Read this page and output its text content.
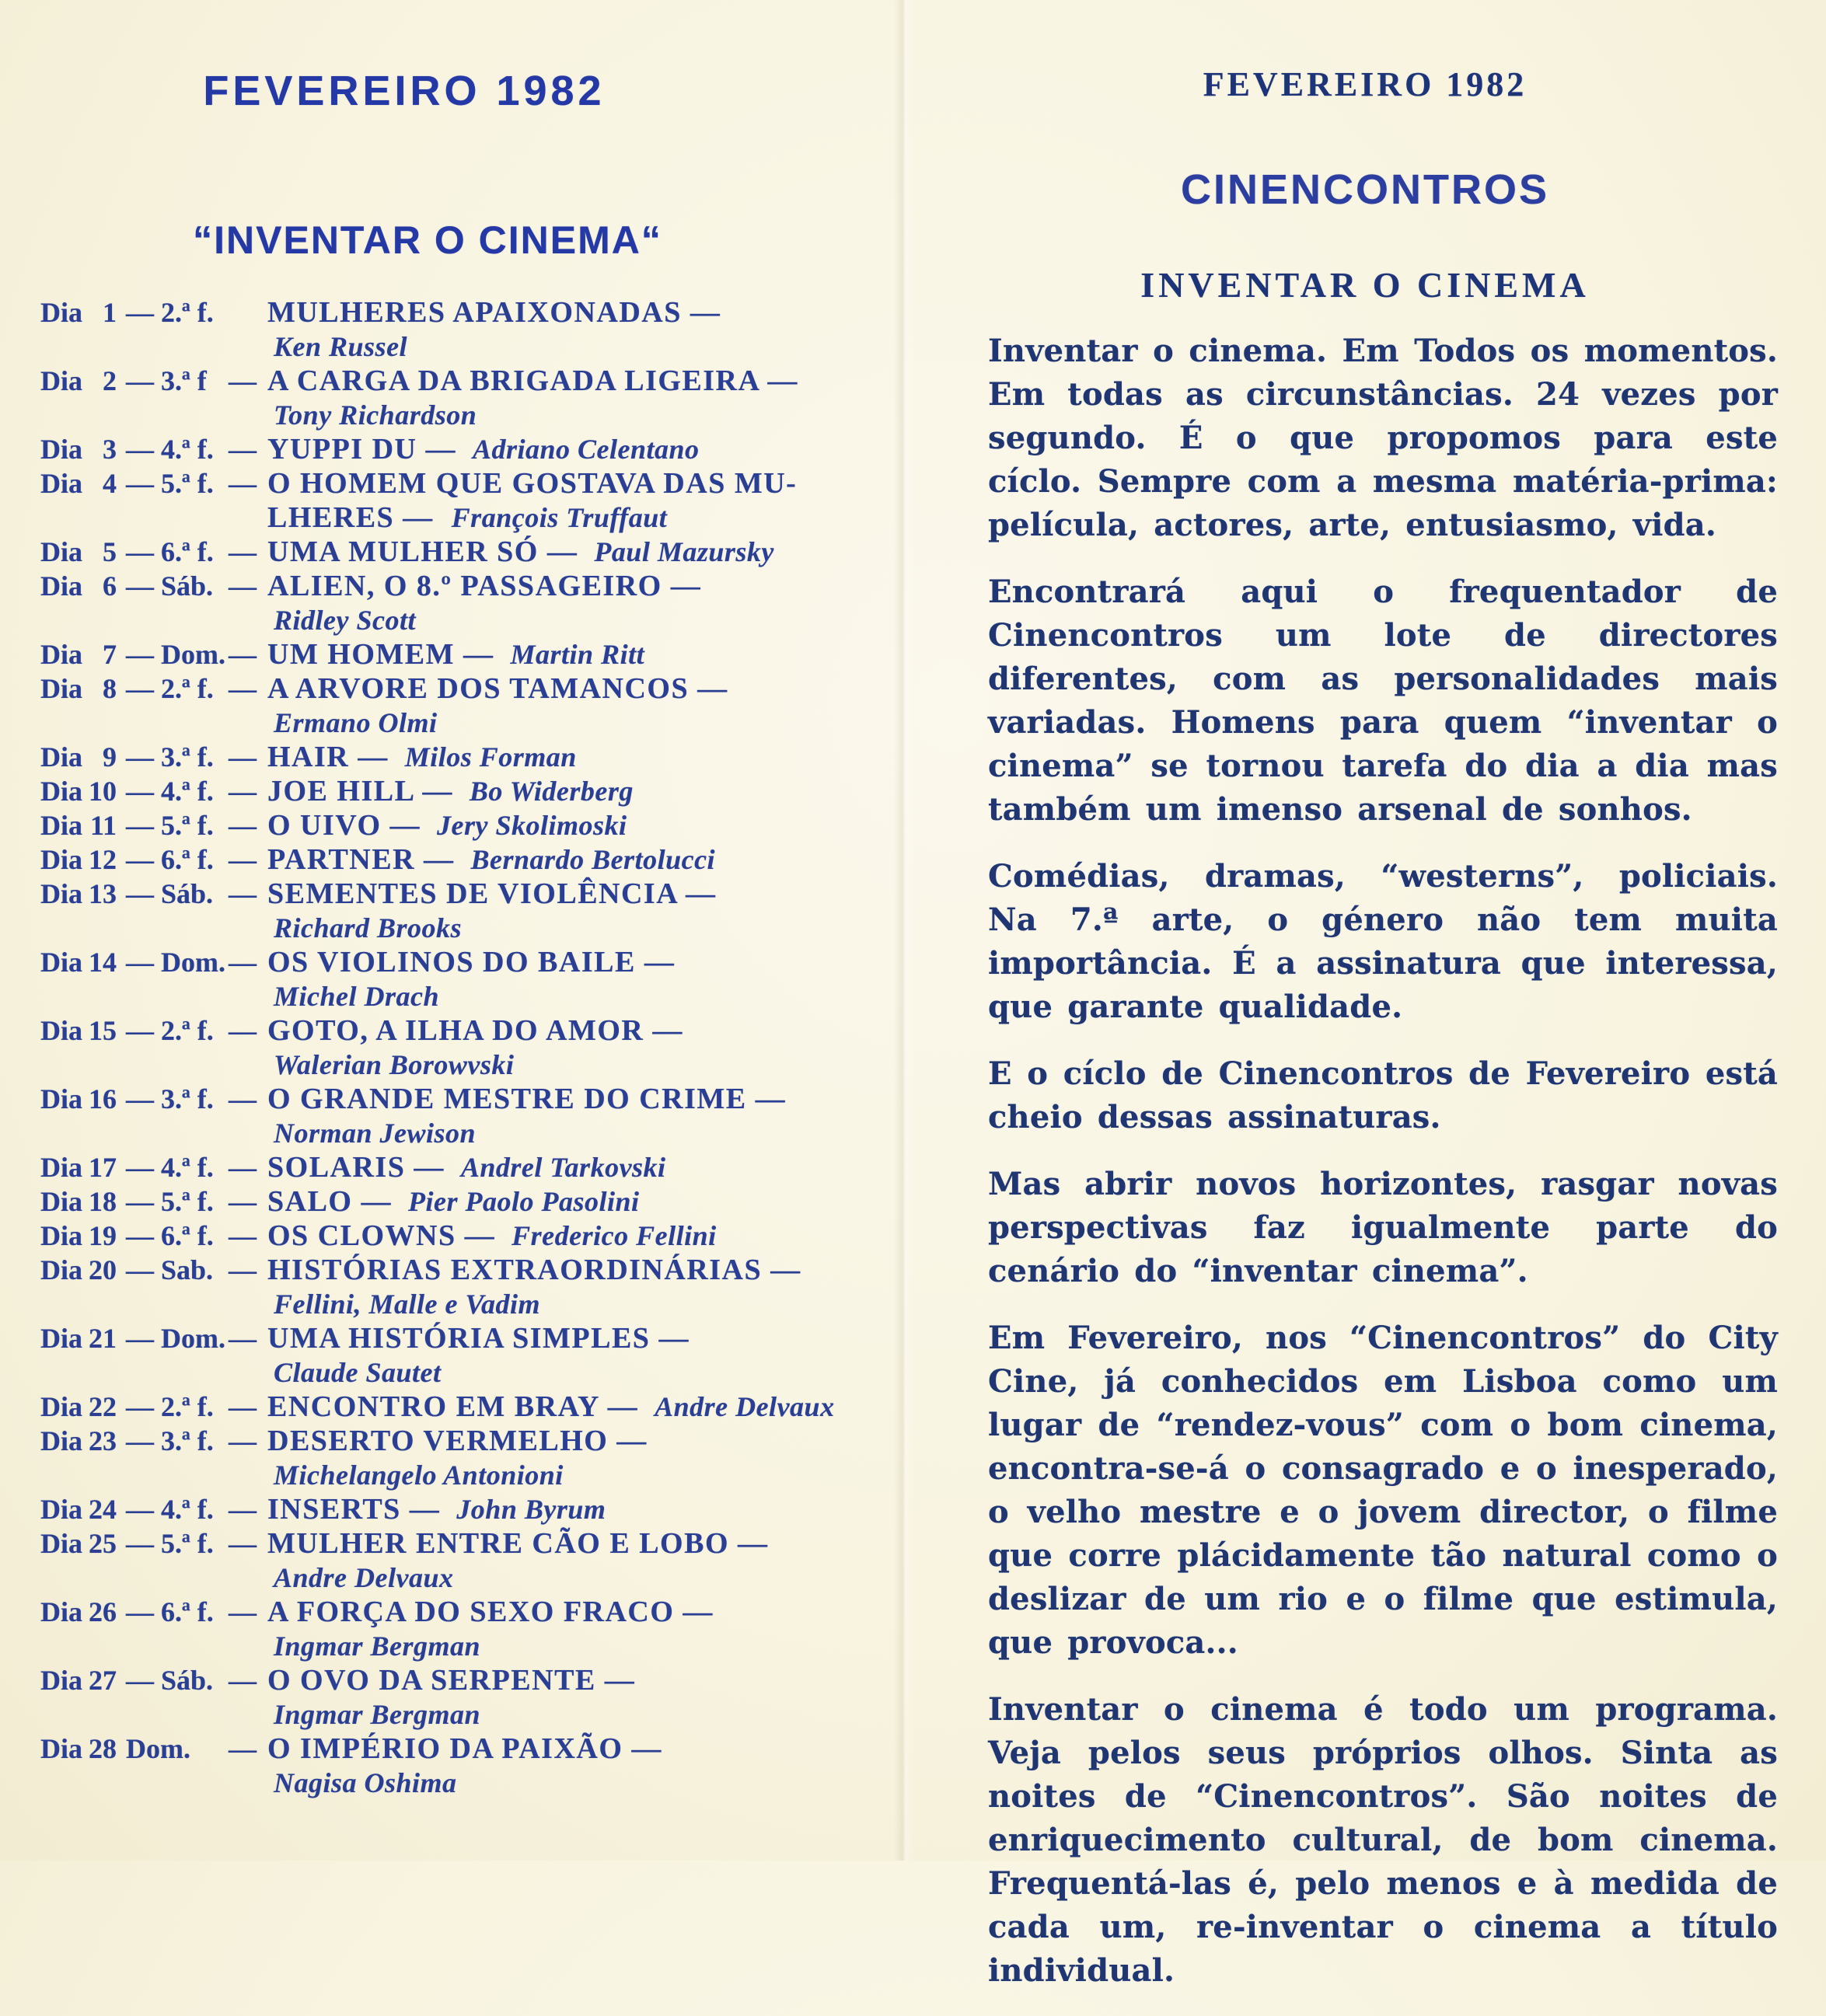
FEVEREIRO 1982
“INVENTAR O CINEMA“
Dia 1 — 2.ª f. MULHERES APAIXONADAS —
Ken Russel
Dia 2 — 3.ª f — A CARGA DA BRIGADA LIGEIRA —
Tony Richardson
Dia 3 — 4.ª f. — YUPPI DU — Adriano Celentano
Dia 4 — 5.ª f. — O HOMEM QUE GOSTAVA DAS MU-
LHERES — François Truffaut
Dia 5 — 6.ª f. — UMA MULHER SÓ — Paul Mazursky
Dia 6 — Sáb. — ALIEN, O 8.º PASSAGEIRO —
Ridley Scott
Dia 7 — Dom. — UM HOMEM — Martin Ritt
Dia 8 — 2.ª f. — A ARVORE DOS TAMANCOS —
Ermano Olmi
Dia 9 — 3.ª f. — HAIR — Milos Forman
Dia 10 — 4.ª f. — JOE HILL — Bo Widerberg
Dia 11 — 5.ª f. — O UIVO — Jery Skolimoski
Dia 12 — 6.ª f. — PARTNER — Bernardo Bertolucci
Dia 13 — Sáb. — SEMENTES DE VIOLÊNCIA —
Richard Brooks
Dia 14 — Dom. — OS VIOLINOS DO BAILE —
Michel Drach
Dia 15 — 2.ª f. — GOTO, A ILHA DO AMOR —
Walerian Borowvski
Dia 16 — 3.ª f. — O GRANDE MESTRE DO CRIME —
Norman Jewison
Dia 17 — 4.ª f. — SOLARIS — Andrel Tarkovski
Dia 18 — 5.ª f. — SALO — Pier Paolo Pasolini
Dia 19 — 6.ª f. — OS CLOWNS — Frederico Fellini
Dia 20 — Sab. — HISTÓRIAS EXTRAORDINÁRIAS —
Fellini, Malle e Vadim
Dia 21 — Dom. — UMA HISTÓRIA SIMPLES —
Claude Sautet
Dia 22 — 2.ª f. — ENCONTRO EM BRAY — Andre Delvaux
Dia 23 — 3.ª f. — DESERTO VERMELHO —
Michelangelo Antonioni
Dia 24 — 4.ª f. — INSERTS — John Byrum
Dia 25 — 5.ª f. — MULHER ENTRE CÃO E LOBO —
Andre Delvaux
Dia 26 — 6.ª f. — A FORÇA DO SEXO FRACO —
Ingmar Bergman
Dia 27 — Sáb. — O OVO DA SERPENTE —
Ingmar Bergman
Dia 28 Dom. — O IMPÉRIO DA PAIXÃO —
Nagisa Oshima
FEVEREIRO 1982
CINENCONTROS
INVENTAR O CINEMA

Inventar o cinema. Em Todos os momentos. Em todas as circunstâncias. 24 vezes por segundo. É o que propomos para este cíclo. Sempre com a mesma matéria-prima: película, actores, arte, entusiasmo, vida.

Encontrará aqui o frequentador de Cinencontros um lote de directores diferentes, com as personalidades mais variadas. Homens para quem “inventar o cinema” se tornou tarefa do dia a dia mas também um imenso arsenal de sonhos.

Comédias, dramas, “westerns”, policiais. Na 7.ª arte, o género não tem muita importância. É a assinatura que interessa, que garante qualidade.

E o cíclo de Cinencontros de Fevereiro está cheio dessas assinaturas.

Mas abrir novos horizontes, rasgar novas perspectivas faz igualmente parte do cenário do “inventar cinema”.

Em Fevereiro, nos “Cinencontros” do City Cine, já conhecidos em Lisboa como um lugar de “rendez-vous” com o bom cinema, encontra-se-á o consagrado e o inesperado, o velho mestre e o jovem director, o filme que corre plácidamente tão natural como o deslizar de um rio e o filme que estimula, que provoca...

Inventar o cinema é todo um programa. Veja pelos seus próprios olhos. Sinta as noites de “Cinencontros”. São noites de enriquecimento cultural, de bom cinema. Frequentá-las é, pelo menos e à medida de cada um, re-inventar o cinema a título individual.
